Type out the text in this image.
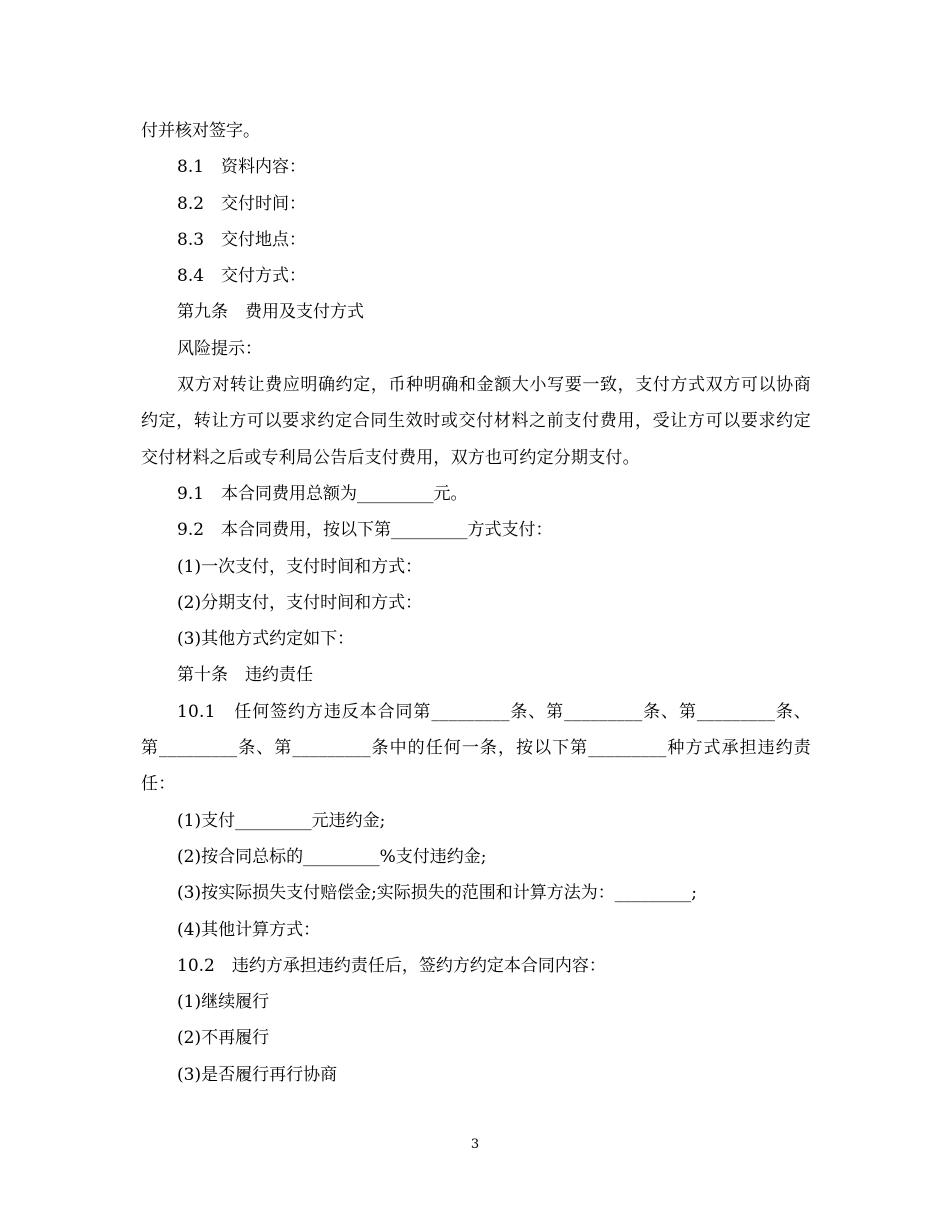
付并核对签字。
8.1　资料内容：
8.2　交付时间：
8.3　交付地点：
8.4　交付方式：
第九条　费用及支付方式
风险提示：
双方对转让费应明确约定，币种明确和金额大小写要一致，支付方式双方可以协商约定，转让方可以要求约定合同生效时或交付材料之前支付费用，受让方可以要求约定交付材料之后或专利局公告后支付费用，双方也可约定分期支付。
9.1　本合同费用总额为_________元。
9.2　本合同费用，按以下第_________方式支付：
(1)一次支付，支付时间和方式：
(2)分期支付，支付时间和方式：
(3)其他方式约定如下：
第十条　违约责任
10.1　任何签约方违反本合同第_________条、第_________条、第_________条、第_________条、第_________条中的任何一条，按以下第_________种方式承担违约责任：
(1)支付_________元违约金;
(2)按合同总标的_________%支付违约金;
(3)按实际损失支付赔偿金;实际损失的范围和计算方法为：_________;
(4)其他计算方式：
10.2　违约方承担违约责任后，签约方约定本合同内容：
(1)继续履行
(2)不再履行
(3)是否履行再行协商
3
